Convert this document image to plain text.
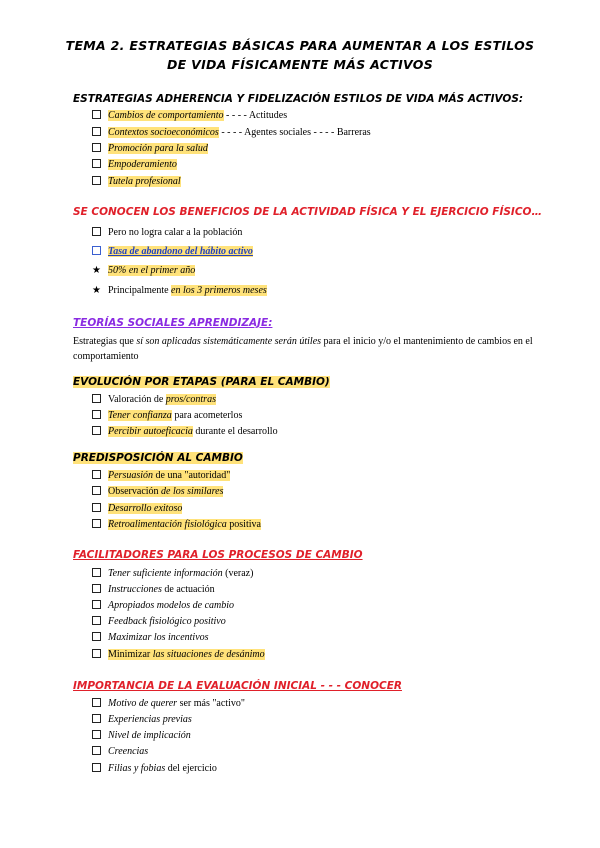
TEMA 2. ESTRATEGIAS BÁSICAS PARA AUMENTAR A LOS ESTILOS
DE VIDA FÍSICAMENTE MÁS ACTIVOS
ESTRATEGIAS ADHERENCIA Y FIDELIZACIÓN ESTILOS DE VIDA MÁS ACTIVOS:
Cambios de comportamiento - - - - Actitudes
Contextos socioeconómicos - - - - Agentes sociales - - - - Barreras
Promoción para la salud
Empoderamiento
Tutela profesional
SE CONOCEN LOS BENEFICIOS DE LA ACTIVIDAD FÍSICA Y EL EJERCICIO FÍSICO…
Pero no logra calar a la población
Tasa de abandono del hábito activo
★ 50% en el primer año
★ Principalmente en los 3 primeros meses
TEORÍAS SOCIALES APRENDIZAJE:
Estrategias que sí son aplicadas sistemáticamente serán útiles para el inicio y/o el mantenimiento de cambios en el comportamiento
EVOLUCIÓN POR ETAPAS (PARA EL CAMBIO)
Valoración de pros/contras
Tener confianza para acometerlos
Percibir autoeficacia durante el desarrollo
PREDISPOSICIÓN AL CAMBIO
Persuasión de una "autoridad"
Observación de los similares
Desarrollo exitoso
Retroalimentación fisiológica positiva
FACILITADORES PARA LOS PROCESOS DE CAMBIO
Tener suficiente información (veraz)
Instrucciones de actuación
Apropiados modelos de cambio
Feedback fisiológico positivo
Maximizar los incentivos
Minimizar las situaciones de desánimo
IMPORTANCIA DE LA EVALUACIÓN INICIAL - - - CONOCER
Motivo de querer ser más "activo"
Experiencias previas
Nivel de implicación
Creencias
Filias y fobias del ejercicio
